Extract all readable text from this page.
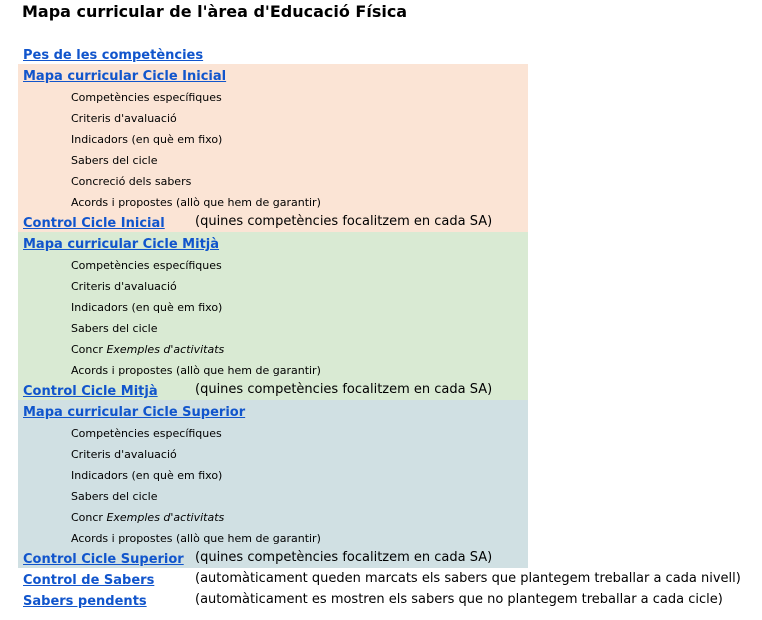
Mapa curricular de l'àrea d'Educació Física
Pes de les competències
Mapa curricular Cicle Inicial
Competències específiques
Criteris d'avaluació
Indicadors (en què em fixo)
Sabers del cicle
Concreció dels sabers
Acords i propostes (allò que hem de garantir)
Control Cicle Inicial (quines competències focalitzem en cada SA)
Mapa curricular Cicle Mitjà
Competències específiques
Criteris d'avaluació
Indicadors (en què em fixo)
Sabers del cicle
Concr Exemples d'activitats
Acords i propostes (allò que hem de garantir)
Control Cicle Mitjà	(quines competències focalitzem en cada SA)
Mapa curricular Cicle Superior
Competències específiques
Criteris d'avaluació
Indicadors (en què em fixo)
Sabers del cicle
Concr Exemples d'activitats
Acords i propostes (allò que hem de garantir)
Control Cicle Superior (quines competències focalitzem en cada SA)
Control de Sabers	(automàticament queden marcats els sabers que plantegem treballar a cada nivell)
Sabers pendents	(automàticament es mostren els sabers que no plantegem treballar a cada cicle)
